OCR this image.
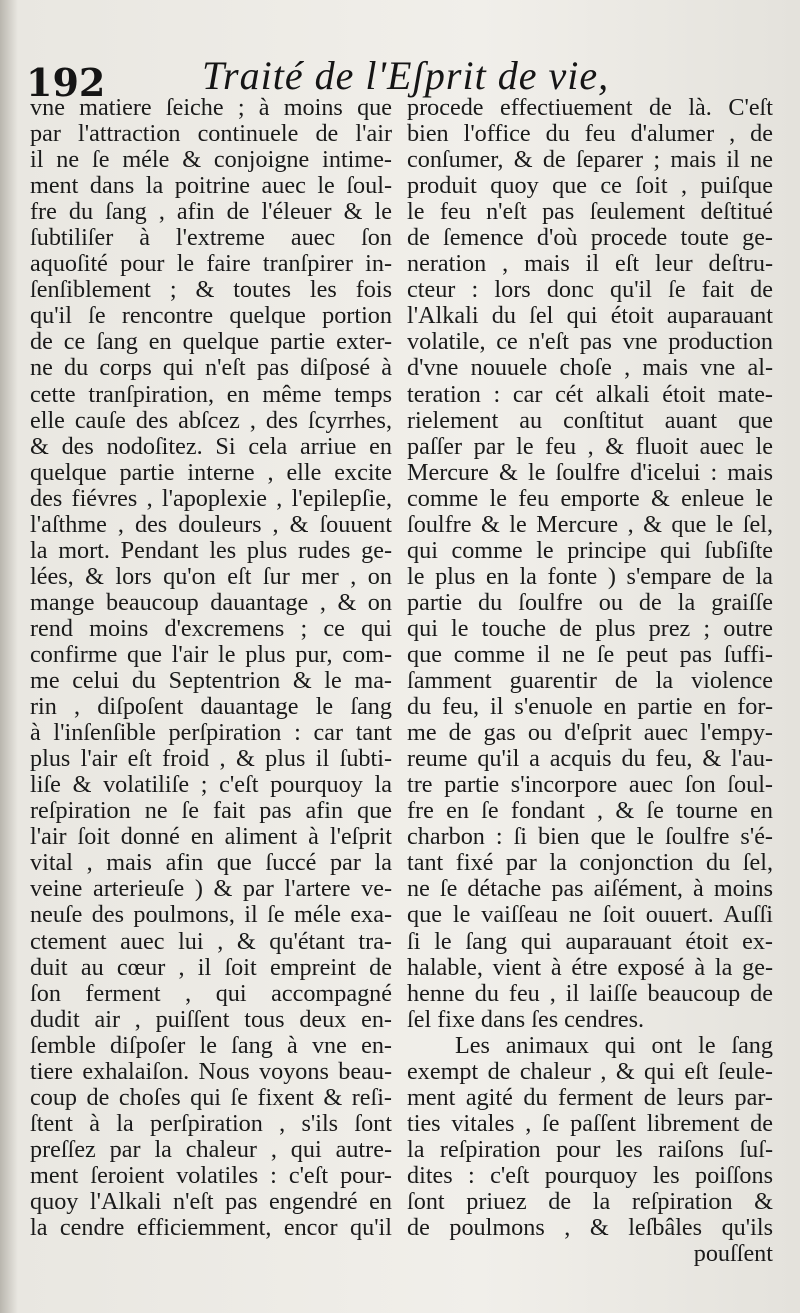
192 Traité de l'Eʃprit de vie,
vne matiere ſeiche ; à moins que
par l'attraction continuele de l'air
il ne ſe méle & conjoigne intime-
ment dans la poitrine auec le ſoul-
fre du ſang , afin de l'éleuer & le
ſubtiliſer à l'extreme auec ſon
aquoſité pour le faire tranſpirer in-
ſenſiblement ; & toutes les fois
qu'il ſe rencontre quelque portion
de ce ſang en quelque partie exter-
ne du corps qui n'eſt pas diſposé à
cette tranſpiration, en même temps
elle cauſe des abſcez , des ſcyrrhes,
& des nodoſitez. Si cela arriue en
quelque partie interne , elle excite
des fiévres , l'apoplexie , l'epilepſie,
l'aſthme , des douleurs , & ſouuent
la mort. Pendant les plus rudes ge-
lées, & lors qu'on eſt ſur mer , on
mange beaucoup dauantage , & on
rend moins d'excremens ; ce qui
confirme que l'air le plus pur, com-
me celui du Septentrion & le ma-
rin , diſpoſent dauantage le ſang
à l'inſenſible perſpiration : car tant
plus l'air eſt froid , & plus il ſubti-
liſe & volatiliſe ; c'eſt pourquoy la
reſpiration ne ſe fait pas afin que
l'air ſoit donné en aliment à l'eſprit
vital , mais afin que ſuccé par la
veine arterieuſe ) & par l'artere ve-
neuſe des poulmons, il ſe méle exa-
ctement auec lui , & qu'étant tra-
duit au cœur , il ſoit empreint de
ſon ferment , qui accompagné
dudit air , puiſſent tous deux en-
ſemble diſpoſer le ſang à vne en-
tiere exhalaiſon. Nous voyons beau-
coup de choſes qui ſe fixent & reſi-
ſtent à la perſpiration , s'ils ſont
preſſez par la chaleur , qui autre-
ment ſeroient volatiles : c'eſt pour-
quoy l'Alkali n'eſt pas engendré en
la cendre efficiemment, encor qu'il
procede effectiuement de là. C'eſt
bien l'office du feu d'alumer , de
conſumer, & de ſeparer ; mais il ne
produit quoy que ce ſoit , puiſque
le feu n'eſt pas ſeulement deſtitué
de ſemence d'où procede toute ge-
neration , mais il eſt leur deſtru-
cteur : lors donc qu'il ſe fait de
l'Alkali du ſel qui étoit auparauant
volatile, ce n'eſt pas vne production
d'vne nouuele choſe , mais vne al-
teration : car cét alkali étoit mate-
rielement au conſtitut auant que
paſſer par le feu , & fluoit auec le
Mercure & le ſoulfre d'icelui : mais
comme le feu emporte & enleue le
ſoulfre & le Mercure , & que le ſel,
qui comme le principe qui ſubſiſte
le plus en la fonte ) s'empare de la
partie du ſoulfre ou de la graiſſe
qui le touche de plus prez ; outre
que comme il ne ſe peut pas ſuffi-
ſamment guarentir de la violence
du feu, il s'enuole en partie en for-
me de gas ou d'eſprit auec l'empy-
reume qu'il a acquis du feu, & l'au-
tre partie s'incorpore auec ſon ſoul-
fre en ſe fondant , & ſe tourne en
charbon : ſi bien que le ſoulfre s'é-
tant fixé par la conjonction du ſel,
ne ſe détache pas aiſément, à moins
que le vaiſſeau ne ſoit ouuert. Auſſi
ſi le ſang qui auparauant étoit ex-
halable, vient à étre exposé à la ge-
henne du feu , il laiſſe beaucoup de
ſel fixe dans ſes cendres.
Les animaux qui ont le ſang
exempt de chaleur , & qui eſt ſeule-
ment agité du ferment de leurs par-
ties vitales , ſe paſſent librement de
la reſpiration pour les raiſons ſuſ-
dites : c'eſt pourquoy les poiſſons
ſont priuez de la reſpiration &
de poulmons , & leſbâles qu'ils
pouſſent
